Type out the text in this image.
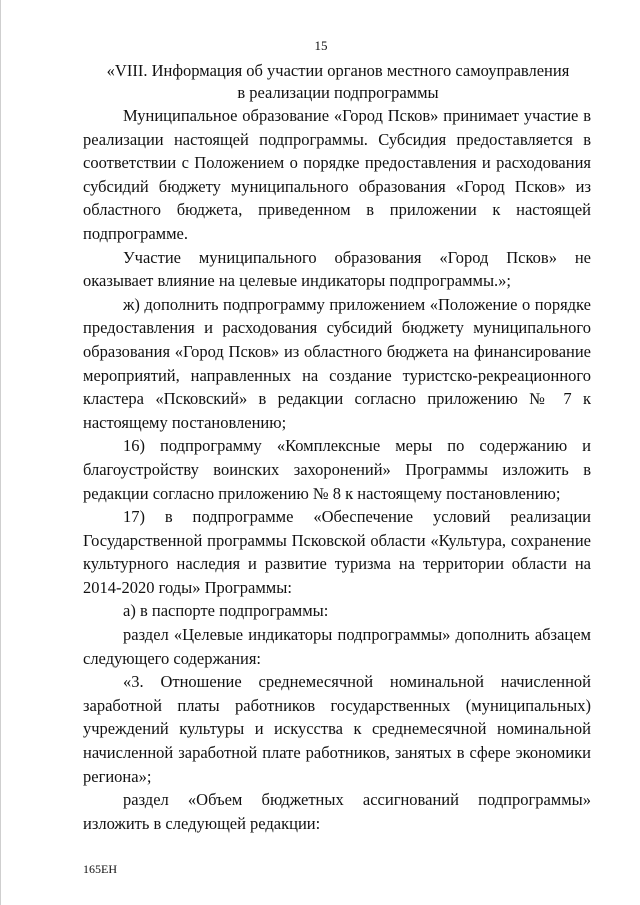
15
«VIII. Информация об участии органов местного самоуправления
в реализации подпрограммы

Муниципальное образование «Город Псков» принимает участие в реализации настоящей подпрограммы. Субсидия предоставляется в соответствии с Положением о порядке предоставления и расходования субсидий бюджету муниципального образования «Город Псков» из областного бюджета, приведенном в приложении к настоящей подпрограмме.

Участие муниципального образования «Город Псков» не оказывает влияние на целевые индикаторы подпрограммы.»;

ж) дополнить подпрограмму приложением «Положение о порядке предоставления и расходования субсидий бюджету муниципального образования «Город Псков» из областного бюджета на финансирование мероприятий, направленных на создание туристско-рекреационного кластера «Псковский» в редакции согласно приложению № 7 к настоящему постановлению;

16) подпрограмму «Комплексные меры по содержанию и благоустройству воинских захоронений» Программы изложить в редакции согласно приложению № 8 к настоящему постановлению;

17) в подпрограмме «Обеспечение условий реализации Государственной программы Псковской области «Культура, сохранение культурного наследия и развитие туризма на территории области на 2014-2020 годы» Программы:

а) в паспорте подпрограммы:

раздел «Целевые индикаторы подпрограммы» дополнить абзацем следующего содержания:

«3. Отношение среднемесячной номинальной начисленной заработной платы работников государственных (муниципальных) учреждений культуры и искусства к среднемесячной номинальной начисленной заработной плате работников, занятых в сфере экономики региона»;

раздел «Объем бюджетных ассигнований подпрограммы» изложить в следующей редакции:

165ЕН
